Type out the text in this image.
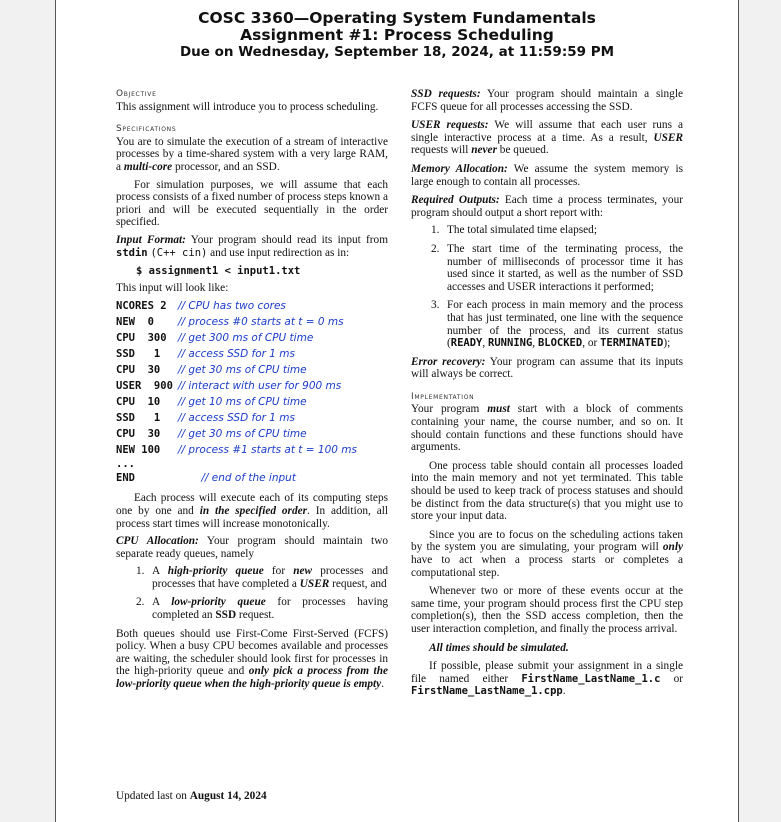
COSC 3360—Operating System Fundamentals
Assignment #1: Process Scheduling
Due on Wednesday, September 18, 2024, at 11:59:59 PM
Objective

This assignment will introduce you to process scheduling.

Specifications

You are to simulate the execution of a stream of interactive processes by a time-shared system with a very large RAM, a multi-core processor, and an SSD.

For simulation purposes, we will assume that each process consists of a fixed number of process steps known a priori and will be executed sequentially in the order specified.

Input Format: Your program should read its input from stdin (C++ cin) and use input redirection as in:

$ assignment1 < input1.txt

This input will look like:

NCORES 2	// CPU has two cores
NEW  0	// process #0 starts at t = 0 ms
CPU  300	// get 300 ms of CPU time
SSD   1	// access SSD for 1 ms
CPU  30	// get 30 ms of CPU time
USER  900 // interact with user for 900 ms
CPU  10	// get 10 ms of CPU time
SSD   1	// access SSD for 1 ms
CPU  30	// get 30 ms of CPU time
NEW 100	// process #1 starts at t = 100 ms
...
END	// end of the input

Each process will execute each of its computing steps one by one and in the specified order. In addition, all process start times will increase monotonically.

CPU Allocation: Your program should maintain two separate ready queues, namely

1. A high-priority queue for new processes and processes that have completed a USER request, and
2. A low-priority queue for processes having completed an SSD request.

Both queues should use First-Come First-Served (FCFS) policy. When a busy CPU becomes available and processes are waiting, the scheduler should look first for processes in the high-priority queue and only pick a process from the low-priority queue when the high-priority queue is empty.

SSD requests: Your program should maintain a single FCFS queue for all processes accessing the SSD.

USER requests: We will assume that each user runs a single interactive process at a time. As a result, USER requests will never be queued.

Memory Allocation: We assume the system memory is large enough to contain all processes.

Required Outputs: Each time a process terminates, your program should output a short report with:

1. The total simulated time elapsed;
2. The start time of the terminating process, the number of milliseconds of processor time it has used since it started, as well as the number of SSD accesses and USER interactions it performed;
3. For each process in main memory and the process that has just terminated, one line with the sequence number of the process, and its current status (READY, RUNNING, BLOCKED, or TERMINATED);

Error recovery: Your program can assume that its inputs will always be correct.

Implementation

Your program must start with a block of comments containing your name, the course number, and so on. It should contain functions and these functions should have arguments.

One process table should contain all processes loaded into the main memory and not yet terminated. This table should be used to keep track of process statuses and should be distinct from the data structure(s) that you might use to store your input data.

Since you are to focus on the scheduling actions taken by the system you are simulating, your program will only have to act when a process starts or completes a computational step.

Whenever two or more of these events occur at the same time, your program should process first the CPU step completion(s), then the SSD access completion, then the user interaction completion, and finally the process arrival.

All times should be simulated.

If possible, please submit your assignment in a single file named either FirstName_LastName_1.c or FirstName_LastName_1.cpp.

Updated last on August 14, 2024
